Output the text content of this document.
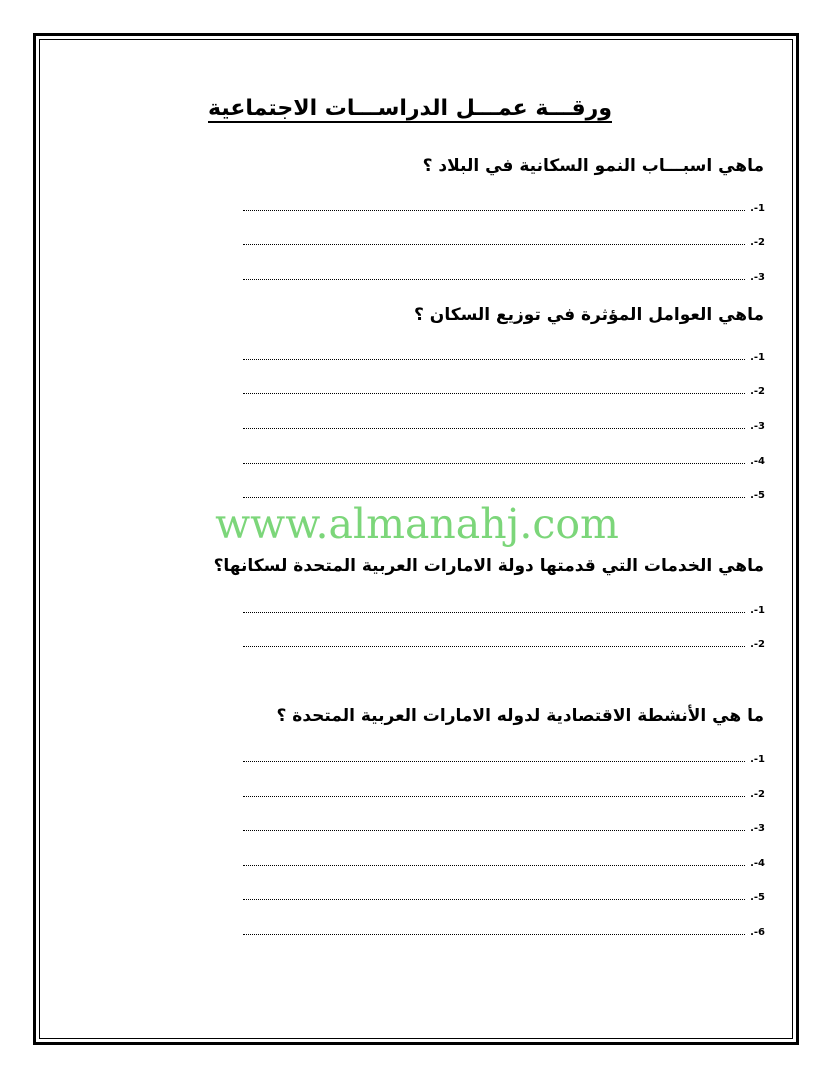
ورقـــة عمـــل الدراســـات الاجتماعية
ماهي اسبـــاب النمو السكانية في البلاد ؟
1-.
2-.
3-.
ماهي العوامل المؤثرة في توزيع السكان ؟
1-.
2-.
3-.
4-.
5-.
www.almanahj.com
ماهي الخدمات التي قدمتها دولة الامارات العربية المتحدة لسكانها؟
1-.
2-.
ما هي الأنشطة الاقتصادية لدوله الامارات العربية المتحدة ؟
1-.
2-.
3-.
4-.
5-.
6-.
